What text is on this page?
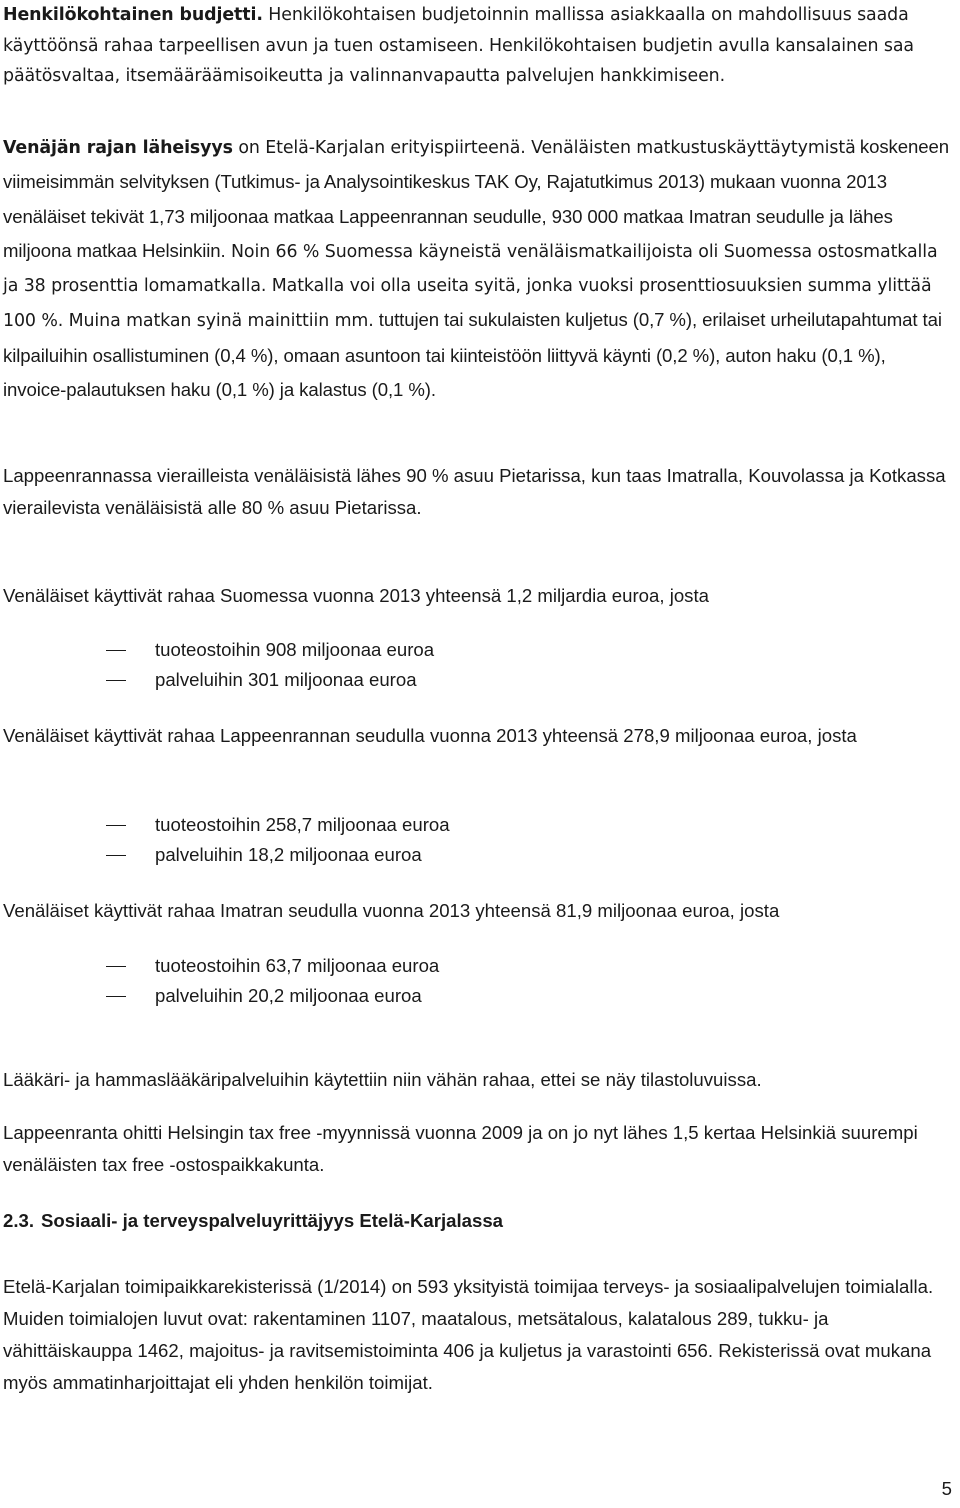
Henkilökohtainen budjetti. Henkilökohtaisen budjetoinnin mallissa asiakkaalla on mahdollisuus saada käyttöönsä rahaa tarpeellisen avun ja tuen ostamiseen. Henkilökohtaisen budjetin avulla kansalainen saa päätösvaltaa, itsemääräämisoikeutta ja valinnanvapautta palvelujen hankkimiseen.

Venäjän rajan läheisyys on Etelä-Karjalan erityispiirteenä. Venäläisten matkustuskäyttäytymistä koskeneen viimeisimmän selvityksen (Tutkimus- ja Analysointikeskus TAK Oy, Rajatutkimus 2013) mukaan vuonna 2013 venäläiset tekivät 1,73 miljoonaa matkaa Lappeenrannan seudulle, 930 000 matkaa Imatran seudulle ja lähes miljoona matkaa Helsinkiin. Noin 66 % Suomessa käyneistä venäläismatkailijoista oli Suomessa ostosmatkalla ja 38 prosenttia lomamatkalla. Matkalla voi olla useita syitä, jonka vuoksi prosenttiosuuksien summa ylittää 100 %. Muina matkan syinä mainittiin mm. tuttujen tai sukulaisten kuljetus (0,7 %), erilaiset urheilutapahtumat tai kilpailuihin osallistuminen (0,4 %), omaan asuntoon tai kiinteistöön liittyvä käynti (0,2 %), auton haku (0,1 %), invoice-palautuksen haku (0,1 %) ja kalastus (0,1 %).

Lappeenrannassa vierailleista venäläisistä lähes 90 % asuu Pietarissa, kun taas Imatralla, Kouvolassa ja Kotkassa vierailevista venäläisistä alle 80 % asuu Pietarissa.

Venäläiset käyttivät rahaa Suomessa vuonna 2013 yhteensä 1,2 miljardia euroa, josta

tuoteostoihin 908 miljoonaa euroa
palveluihin 301 miljoonaa euroa

Venäläiset käyttivät rahaa Lappeenrannan seudulla vuonna 2013 yhteensä 278,9 miljoonaa euroa, josta

tuoteostoihin 258,7 miljoonaa euroa
palveluihin 18,2 miljoonaa euroa

Venäläiset käyttivät rahaa Imatran seudulla vuonna 2013 yhteensä 81,9 miljoonaa euroa, josta

tuoteostoihin 63,7 miljoonaa euroa
palveluihin 20,2 miljoonaa euroa

Lääkäri- ja hammaslääkäripalveluihin käytettiin niin vähän rahaa, ettei se näy tilastoluvuissa.

Lappeenranta ohitti Helsingin tax free -myynnissä vuonna 2009 ja on jo nyt lähes 1,5 kertaa Helsinkiä suurempi venäläisten tax free -ostospaikkakunta.

2.3. Sosiaali- ja terveyspalveluyrittäjyys Etelä-Karjalassa

Etelä-Karjalan toimipaikkarekisterissä (1/2014) on 593 yksityistä toimijaa terveys- ja sosiaalipalvelujen toimialalla. Muiden toimialojen luvut ovat: rakentaminen 1107, maatalous, metsätalous, kalatalous 289, tukku- ja vähittäiskauppa 1462, majoitus- ja ravitsemistoiminta 406 ja kuljetus ja varastointi 656. Rekisterissä ovat mukana myös ammatinharjoittajat eli yhden henkilön toimijat.

5
